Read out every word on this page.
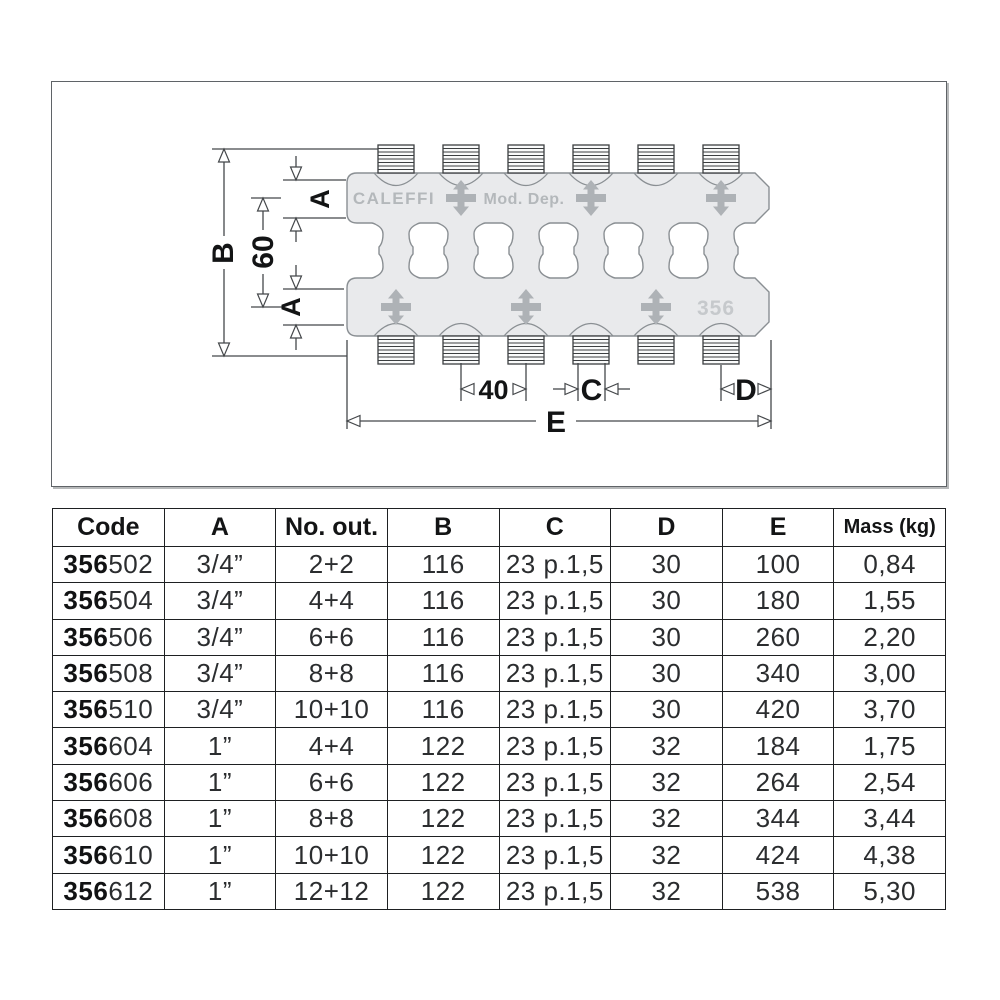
CALEFFI	Mod. Dep.
356
B 60
A
A
40 C	D
E
Code	A	No. out.	B	C	D	E	Mass (kg)
356502	3/4”	2+2	116	23 p.1,5	30	100	0,84
356504	3/4”	4+4	116	23 p.1,5	30	180	1,55
356506	3/4”	6+6	116	23 p.1,5	30	260	2,20
356508	3/4”	8+8	116	23 p.1,5	30	340	3,00
356510	3/4”	10+10	116	23 p.1,5	30	420	3,70
356604	1”	4+4	122	23 p.1,5	32	184	1,75
356606	1”	6+6	122	23 p.1,5	32	264	2,54
356608	1”	8+8	122	23 p.1,5	32	344	3,44
356610	1”	10+10	122	23 p.1,5	32	424	4,38
356612	1”	12+12	122	23 p.1,5	32	538	5,30
